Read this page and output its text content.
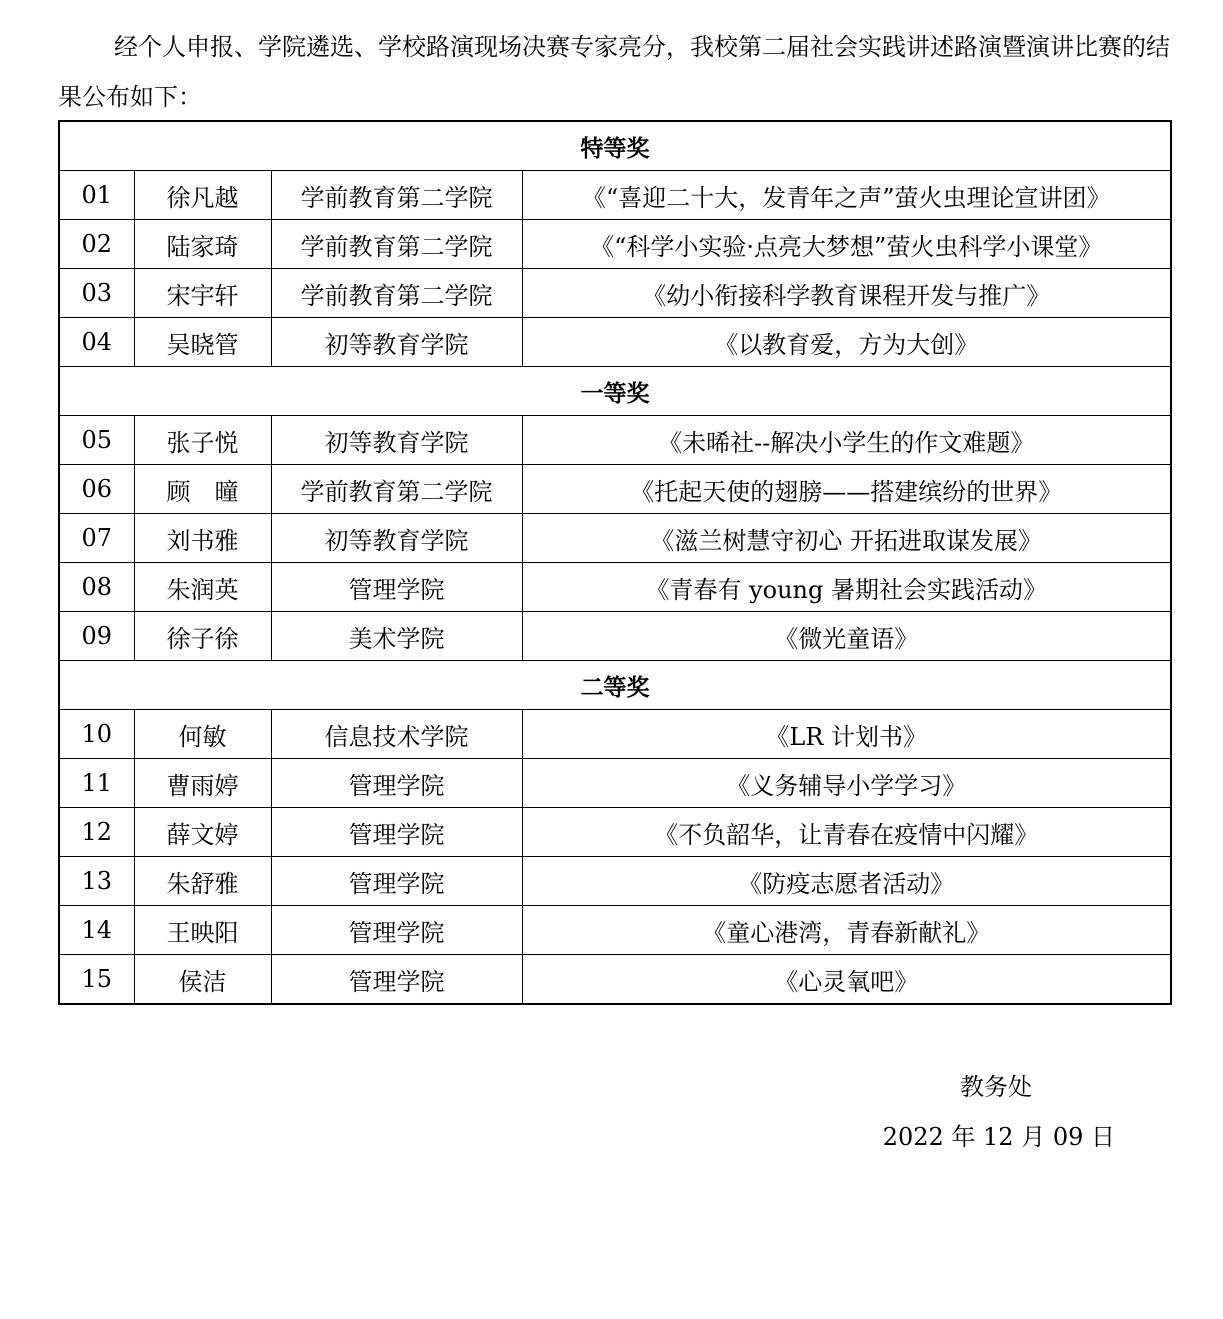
经个人申报、学院遴选、学校路演现场决赛专家亮分，我校第二届社会实践讲述路演暨演讲比赛的结果公布如下：

特等奖			
01	徐凡越	学前教育第二学院	《“喜迎二十大，发青年之声”萤火虫理论宣讲团》
02	陆家琦	学前教育第二学院	《“科学小实验·点亮大梦想”萤火虫科学小课堂》
03	宋宇轩	学前教育第二学院	《幼小衔接科学教育课程开发与推广》
04	吴晓管	初等教育学院	《以教育爱，方为大创》
一等奖			
05	张子悦	初等教育学院	《未晞社--解决小学生的作文难题》
06	顾　曈	学前教育第二学院	《托起天使的翅膀——搭建缤纷的世界》
07	刘书雅	初等教育学院	《滋兰树慧守初心 开拓进取谋发展》
08	朱润英	管理学院	《青春有 young 暑期社会实践活动》
09	徐子徐	美术学院	《微光童语》
二等奖			
10	何敏	信息技术学院	《LR 计划书》
11	曹雨婷	管理学院	《义务辅导小学学习》
12	薛文婷	管理学院	《不负韶华，让青春在疫情中闪耀》
13	朱舒雅	管理学院	《防疫志愿者活动》
14	王映阳	管理学院	《童心港湾，青春新献礼》
15	侯洁	管理学院	《心灵氧吧》
教务处
2022 年 12 月 09 日
